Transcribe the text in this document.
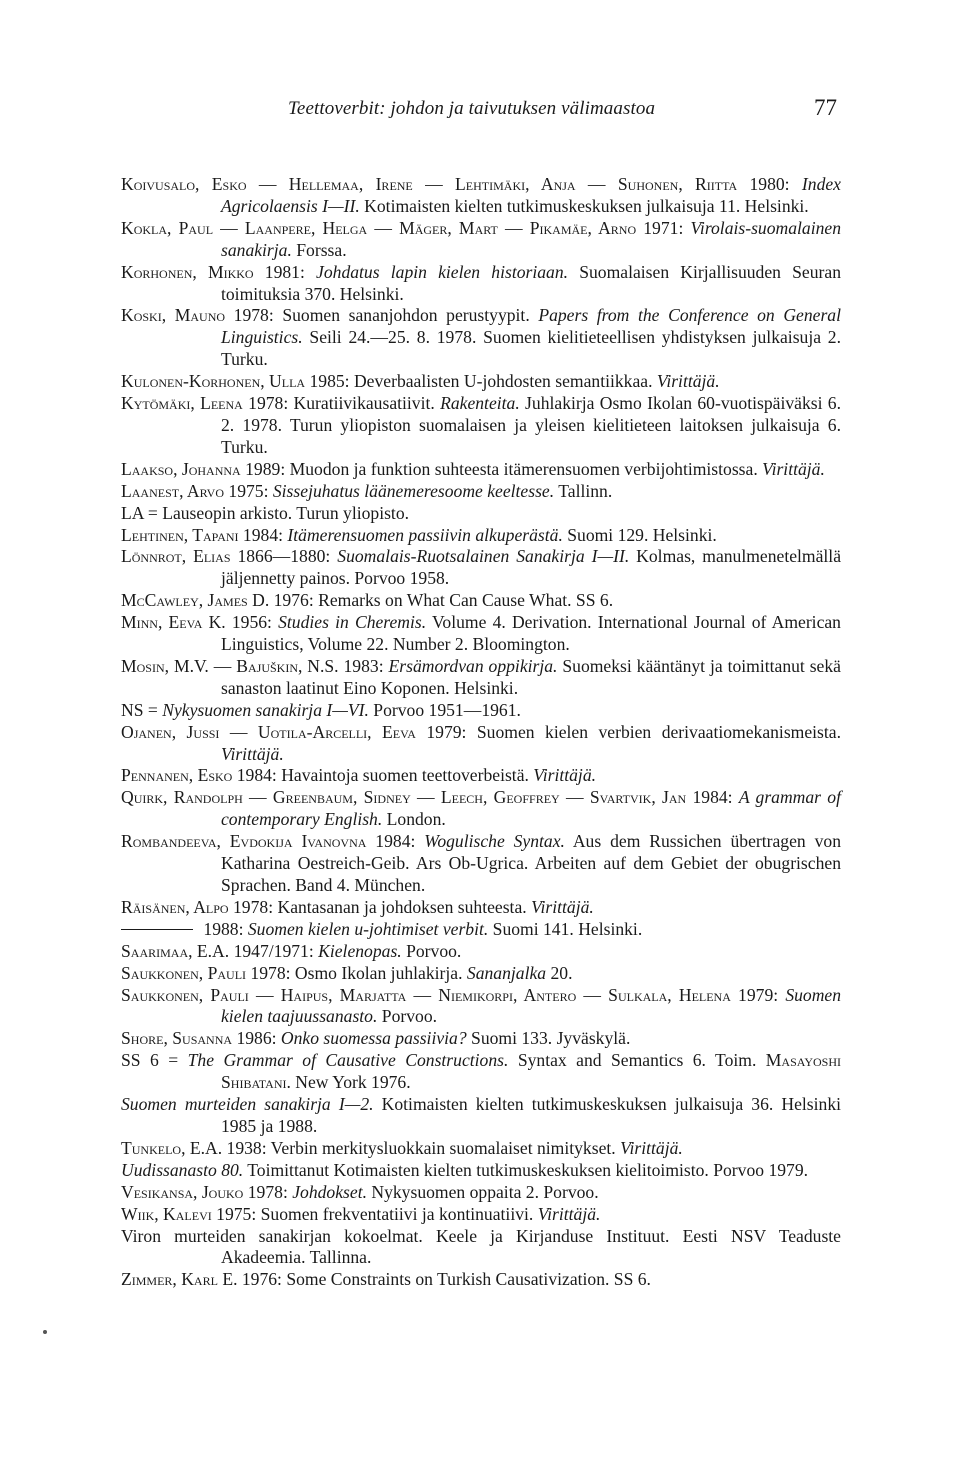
Teettoverbit: johdon ja taivutuksen välimaastoa	77
Koivusalo, Esko — Hellemaa, Irene — Lehtimäki, Anja — Suhonen, Riitta 1980: Index Agricolaensis I—II. Kotimaisten kielten tutkimuskeskuksen julkaisuja 11. Helsinki.
Kokla, Paul — Laanpere, Helga — Mäger, Mart — Pikamäe, Arno 1971: Virolais-suomalainen sanakirja. Forssa.
Korhonen, Mikko 1981: Johdatus lapin kielen historiaan. Suomalaisen Kirjallisuuden Seuran toimituksia 370. Helsinki.
Koski, Mauno 1978: Suomen sananjohdon perustyypit. Papers from the Conference on General Linguistics. Seili 24.—25. 8. 1978. Suomen kielitieteellisen yhdistyksen julkaisuja 2. Turku.
Kulonen-Korhonen, Ulla 1985: Deverbaalisten U-johdosten semantiikkaa. Virittäjä.
Kytömäki, Leena 1978: Kuratiivikausatiivit. Rakenteita. Juhlakirja Osmo Ikolan 60-vuotispäiväksi 6. 2. 1978. Turun yliopiston suomalaisen ja yleisen kielitieteen laitoksen julkaisuja 6. Turku.
Laakso, Johanna 1989: Muodon ja funktion suhteesta itämerensuomen verbijohtimistossa. Virittäjä.
Laanest, Arvo 1975: Sissejuhatus läänemeresoome keeltesse. Tallinn.
LA = Lauseopin arkisto. Turun yliopisto.
Lehtinen, Tapani 1984: Itämerensuomen passiivin alkuperästä. Suomi 129. Helsinki.
Lönnrot, Elias 1866—1880: Suomalais-Ruotsalainen Sanakirja I—II. Kolmas, manulmenetelmällä jäljennetty painos. Porvoo 1958.
McCawley, James D. 1976: Remarks on What Can Cause What. SS 6.
Minn, Eeva K. 1956: Studies in Cheremis. Volume 4. Derivation. International Journal of American Linguistics, Volume 22. Number 2. Bloomington.
Mosin, M.V. — Bajuškin, N.S. 1983: Ersämordvan oppikirja. Suomeksi kääntänyt ja toimittanut sekä sanaston laatinut Eino Koponen. Helsinki.
NS = Nykysuomen sanakirja I—VI. Porvoo 1951—1961.
Ojanen, Jussi — Uotila-Arcelli, Eeva 1979: Suomen kielen verbien derivaatiomekanismeista. Virittäjä.
Pennanen, Esko 1984: Havaintoja suomen teettoverbeistä. Virittäjä.
Quirk, Randolph — Greenbaum, Sidney — Leech, Geoffrey — Svartvik, Jan 1984: A grammar of contemporary English. London.
Rombandeeva, Evdokija Ivanovna 1984: Wogulische Syntax. Aus dem Russichen übertragen von Katharina Oestreich-Geib. Ars Ob-Ugrica. Arbeiten auf dem Gebiet der obugrischen Sprachen. Band 4. München.
Räisänen, Alpo 1978: Kantasanan ja johdoksen suhteesta. Virittäjä.
1988: Suomen kielen u-johtimiset verbit. Suomi 141. Helsinki.
Saarimaa, E.A. 1947/1971: Kielenopas. Porvoo.
Saukkonen, Pauli 1978: Osmo Ikolan juhlakirja. Sananjalka 20.
Saukkonen, Pauli — Haipus, Marjatta — Niemikorpi, Antero — Sulkala, Helena 1979: Suomen kielen taajuussanasto. Porvoo.
Shore, Susanna 1986: Onko suomessa passiivia? Suomi 133. Jyväskylä.
SS 6 = The Grammar of Causative Constructions. Syntax and Semantics 6. Toim. Masayoshi Shibatani. New York 1976.
Suomen murteiden sanakirja I—2. Kotimaisten kielten tutkimuskeskuksen julkaisuja 36. Helsinki 1985 ja 1988.
Tunkelo, E.A. 1938: Verbin merkitysluokkain suomalaiset nimitykset. Virittäjä.
Uudissanasto 80. Toimittanut Kotimaisten kielten tutkimuskeskuksen kielitoimisto. Porvoo 1979.
Vesikansa, Jouko 1978: Johdokset. Nykysuomen oppaita 2. Porvoo.
Wiik, Kalevi 1975: Suomen frekventatiivi ja kontinuatiivi. Virittäjä.
Viron murteiden sanakirjan kokoelmat. Keele ja Kirjanduse Instituut. Eesti NSV Teaduste Akadeemia. Tallinna.
Zimmer, Karl E. 1976: Some Constraints on Turkish Causativization. SS 6.
